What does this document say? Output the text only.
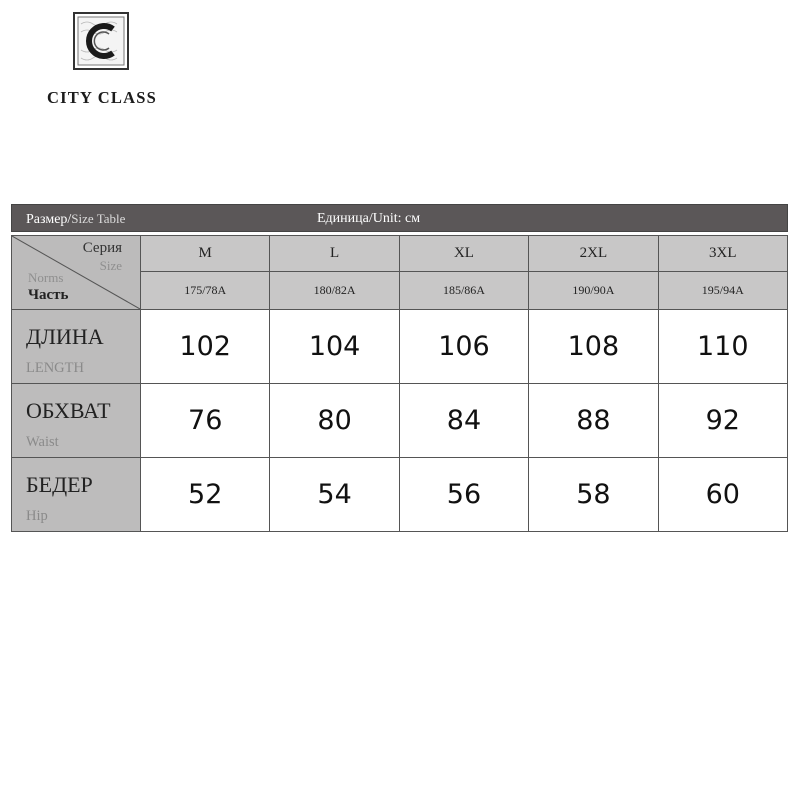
CITY CLASS
Размер/Size Table	Единица/Unit: см
Серия
Size
Norms
Часть	M	L	XL	2XL	3XL
	175/78A	180/82A	185/86A	190/90A	195/94A

ДЛИНА
LENGTH	102	104	106	108	110

ОБХВАТ
Waist	76	80	84	88	92

БЕДЕР
Hip	52	54	56	58	60
